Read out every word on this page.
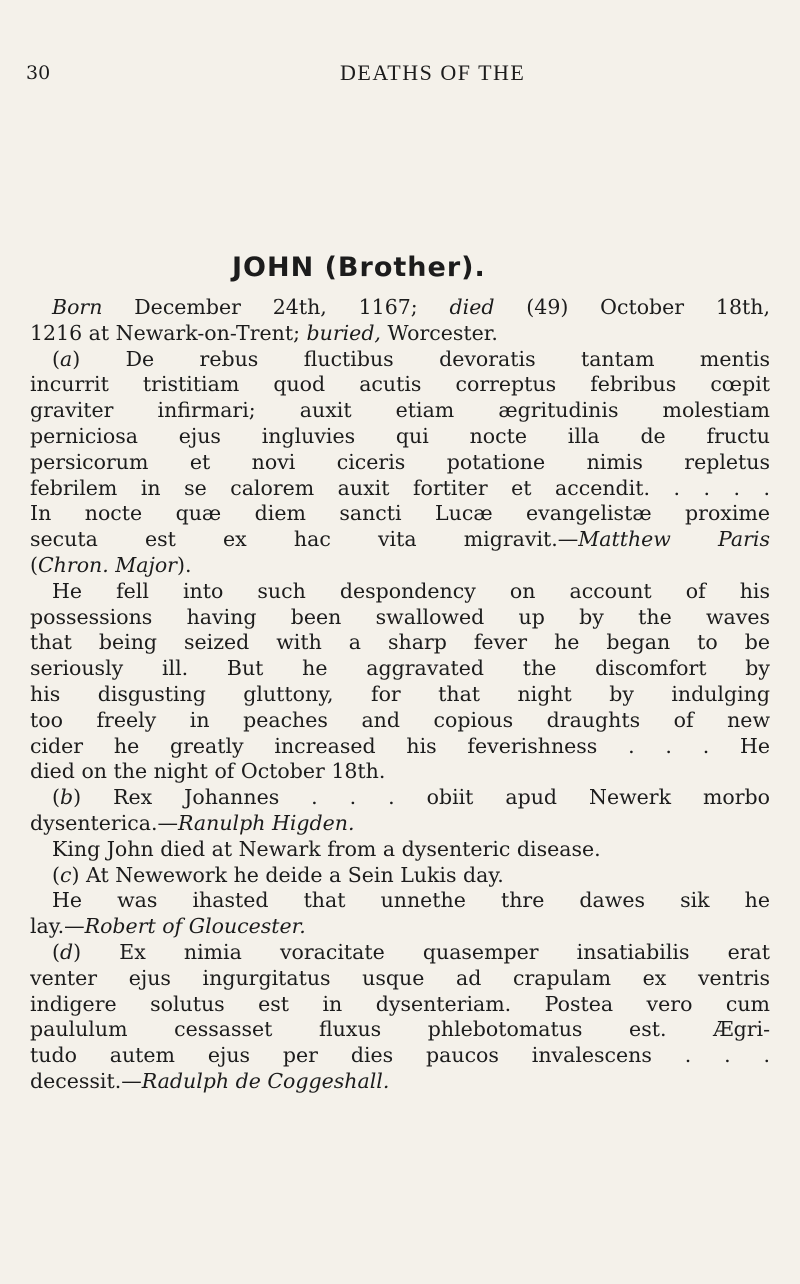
30	DEATHS OF THE
JOHN (Brother).
Born December 24th, 1167; died (49) October 18th,
1216 at Newark-on-Trent; buried, Worcester.
(a) De rebus fluctibus devoratis tantam mentis
incurrit tristitiam quod acutis correptus febribus cœpit
graviter infirmari; auxit etiam ægritudinis molestiam
perniciosa ejus ingluvies qui nocte illa de fructu
persicorum et novi ciceris potatione nimis repletus
febrilem in se calorem auxit fortiter et accendit. . . . .
In nocte quæ diem sancti Lucæ evangelistæ proxime
secuta est ex hac vita migravit.—Matthew Paris
(Chron. Major).
He fell into such despondency on account of his
possessions having been swallowed up by the waves
that being seized with a sharp fever he began to be
seriously ill. But he aggravated the discomfort by
his disgusting gluttony, for that night by indulging
too freely in peaches and copious draughts of new
cider he greatly increased his feverishness . . . He
died on the night of October 18th.
(b) Rex Johannes . . . obiit apud Newerk morbo
dysenterica.—Ranulph Higden.
King John died at Newark from a dysenteric disease.
(c) At Newework he deide a Sein Lukis day.
He was ihasted that unnethe thre dawes sik he
lay.—Robert of Gloucester.
(d) Ex nimia voracitate quasemper insatiabilis erat
venter ejus ingurgitatus usque ad crapulam ex ventris
indigere solutus est in dysenteriam. Postea vero cum
paululum cessasset fluxus phlebotomatus est. Ægri-
tudo autem ejus per dies paucos invalescens . . .
decessit.—Radulph de Coggeshall.
